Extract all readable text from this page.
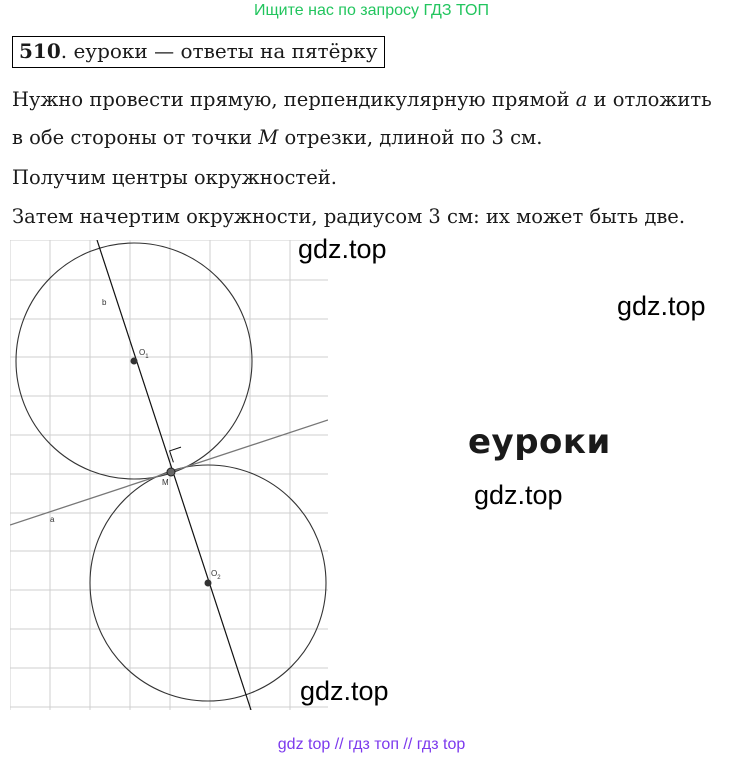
Ищите нас по запросу ГДЗ ТОП
510. еуроки — ответы на пятёрку
Нужно провести прямую, перпендикулярную прямой a и отложить
в обе стороны от точки M отрезки, длиной по 3 см.
Получим центры окружностей.
Затем начертим окружности, радиусом 3 см: их может быть две.
b
a
M
$O_1$
$O_2$
gdz.top
gdz.top
еуроки
gdz.top
gdz.top
gdz top // гдз топ // гдз top
